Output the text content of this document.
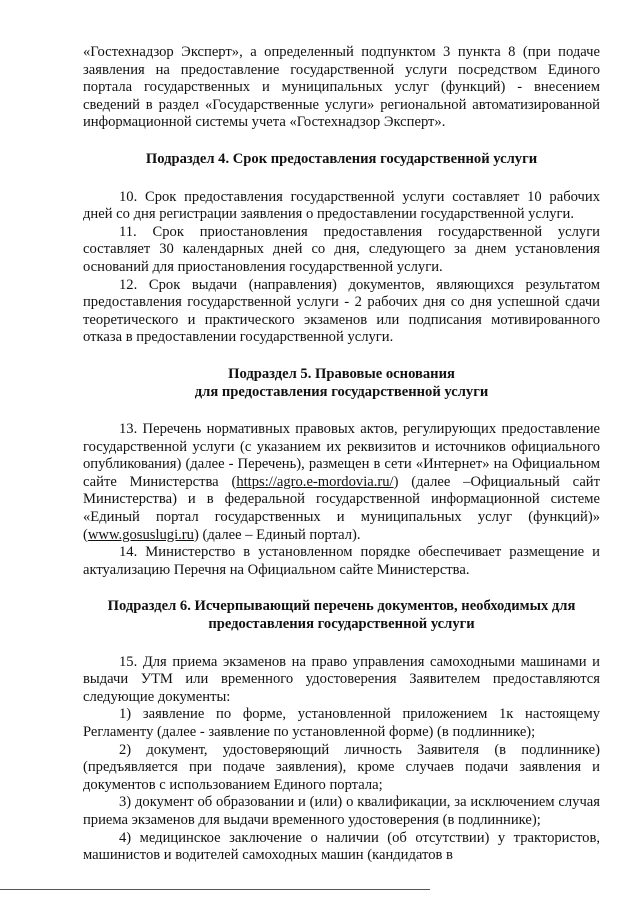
«Гостехнадзор Эксперт», а определенный подпунктом 3 пункта 8 (при подаче заявления на предоставление государственной услуги посредством Единого портала государственных и муниципальных услуг (функций) - внесением сведений в раздел «Государственные услуги» региональной автоматизированной информационной системы учета «Гостехнадзор Эксперт».

Подраздел 4. Срок предоставления государственной услуги

10. Срок предоставления государственной услуги составляет 10 рабочих дней со дня регистрации заявления о предоставлении государственной услуги.

11. Срок приостановления предоставления государственной услуги составляет 30 календарных дней со дня, следующего за днем установления оснований для приостановления государственной услуги.

12. Срок выдачи (направления) документов, являющихся результатом предоставления государственной услуги - 2 рабочих дня со дня успешной сдачи теоретического и практического экзаменов или подписания мотивированного отказа в предоставлении государственной услуги.

Подраздел 5. Правовые основания

для предоставления государственной услуги

13. Перечень нормативных правовых актов, регулирующих предоставление государственной услуги (с указанием их реквизитов и источников официального опубликования) (далее - Перечень), размещен в сети «Интернет» на Официальном сайте Министерства (https://agro.e-mordovia.ru/) (далее –Официальный сайт Министерства) и в федеральной государственной информационной системе «Единый портал государственных и муниципальных услуг (функций)» (www.gosuslugi.ru) (далее – Единый портал).

14. Министерство в установленном порядке обеспечивает размещение и актуализацию Перечня на Официальном сайте Министерства.

Подраздел 6. Исчерпывающий перечень документов, необходимых для

предоставления государственной услуги

15. Для приема экзаменов на право управления самоходными машинами и выдачи УТМ или временного удостоверения Заявителем предоставляются следующие документы:

1) заявление по форме, установленной приложением 1к настоящему Регламенту (далее - заявление по установленной форме) (в подлиннике);

2) документ, удостоверяющий личность Заявителя (в подлиннике) (предъявляется при подаче заявления), кроме случаев подачи заявления и документов с использованием Единого портала;

3) документ об образовании и (или) о квалификации, за исключением случая приема экзаменов для выдачи временного удостоверения (в подлиннике);

4) медицинское заключение о наличии (об отсутствии) у трактористов, машинистов и водителей самоходных машин (кандидатов в
